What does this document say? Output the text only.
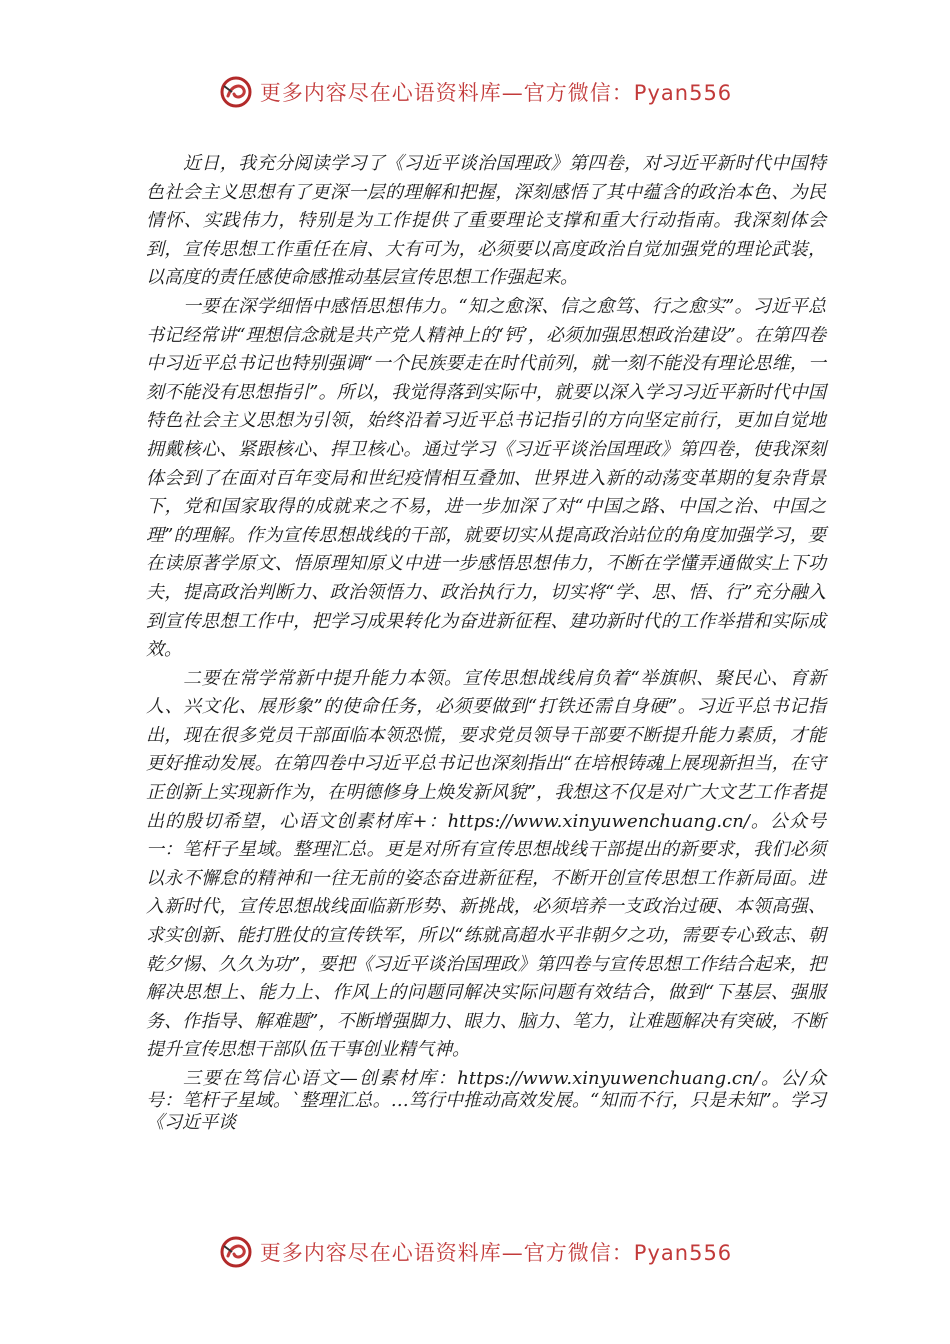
更多内容尽在心语资料库—官方微信：Pyan556

近日，我充分阅读学习了《习近平谈治国理政》第四卷，对习近平新时代中国特色社会主义思想有了更深一层的理解和把握，深刻感悟了其中蕴含的政治本色、为民情怀、实践伟力，特别是为工作提供了重要理论支撑和重大行动指南。我深刻体会到，宣传思想工作重任在肩、大有可为，必须要以高度政治自觉加强党的理论武装，以高度的责任感使命感推动基层宣传思想工作强起来。

一要在深学细悟中感悟思想伟力。“知之愈深、信之愈笃、行之愈实”。习近平总书记经常讲“理想信念就是共产党人精神上的‘钙’，必须加强思想政治建设”。在第四卷中习近平总书记也特别强调“一个民族要走在时代前列，就一刻不能没有理论思维，一刻不能没有思想指引”。所以，我觉得落到实际中，就要以深入学习习近平新时代中国特色社会主义思想为引领，始终沿着习近平总书记指引的方向坚定前行，更加自觉地拥戴核心、紧跟核心、捍卫核心。通过学习《习近平谈治国理政》第四卷，使我深刻体会到了在面对百年变局和世纪疫情相互叠加、世界进入新的动荡变革期的复杂背景下，党和国家取得的成就来之不易，进一步加深了对“中国之路、中国之治、中国之理”的理解。作为宣传思想战线的干部，就要切实从提高政治站位的角度加强学习，要在读原著学原文、悟原理知原义中进一步感悟思想伟力，不断在学懂弄通做实上下功夫，提高政治判断力、政治领悟力、政治执行力，切实将“学、思、悟、行”充分融入到宣传思想工作中，把学习成果转化为奋进新征程、建功新时代的工作举措和实际成效。

二要在常学常新中提升能力本领。宣传思想战线肩负着“举旗帜、聚民心、育新人、兴文化、展形象”的使命任务，必须要做到“打铁还需自身硬”。习近平总书记指出，现在很多党员干部面临本领恐慌，要求党员领导干部要不断提升能力素质，才能更好推动发展。在第四卷中习近平总书记也深刻指出“在培根铸魂上展现新担当，在守正创新上实现新作为，在明德修身上焕发新风貌”，我想这不仅是对广大文艺工作者提出的殷切希望，心语文创素材库+：https://www.xinyuwenchuang.cn/。公众号一：笔杆子星域。整理汇总。更是对所有宣传思想战线干部提出的新要求，我们必须以永不懈怠的精神和一往无前的姿态奋进新征程，不断开创宣传思想工作新局面。进入新时代，宣传思想战线面临新形势、新挑战，必须培养一支政治过硬、本领高强、求实创新、能打胜仗的宣传铁军，所以“练就高超水平非朝夕之功，需要专心致志、朝乾夕惕、久久为功”，要把《习近平谈治国理政》第四卷与宣传思想工作结合起来，把解决思想上、能力上、作风上的问题同解决实际问题有效结合，做到“下基层、强服务、作指导、解难题”，不断增强脚力、眼力、脑力、笔力，让难题解决有突破，不断提升宣传思想干部队伍干事创业精气神。

三要在笃信心语文—创素材库：https://www.xinyuwenchuang.cn/。公/众号：笔杆子星域。`整理汇总。…笃行中推动高效发展。“知而不行，只是未知”。学习《习近平谈

更多内容尽在心语资料库—官方微信：Pyan556
